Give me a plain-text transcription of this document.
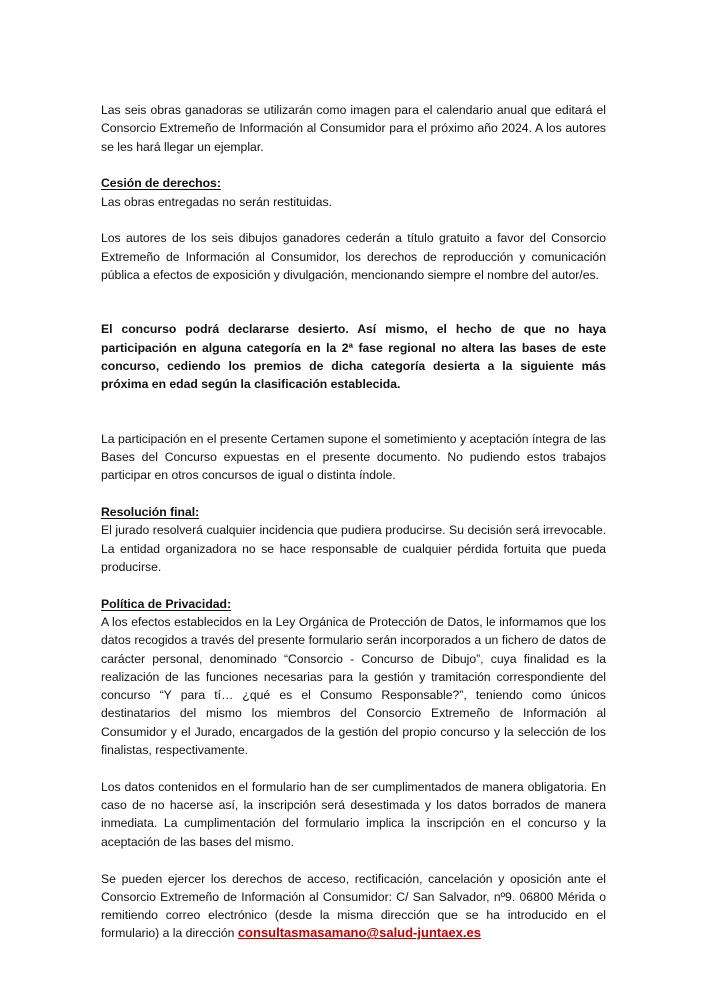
Las seis obras ganadoras se utilizarán como imagen para el calendario anual que editará el Consorcio Extremeño de Información al Consumidor para el próximo año 2024. A los autores se les hará llegar un ejemplar.

Cesión de derechos:

Las obras entregadas no serán restituidas.

Los autores de los seis dibujos ganadores cederán a título gratuito a favor del Consorcio Extremeño de Información al Consumidor, los derechos de reproducción y comunicación pública a efectos de exposición y divulgación, mencionando siempre el nombre del autor/es.

El concurso podrá declararse desierto. Así mismo, el hecho de que no haya participación en alguna categoría en la 2ª fase regional no altera las bases de este concurso, cediendo los premios de dicha categoría desierta a la siguiente más próxima en edad según la clasificación establecida.

La participación en el presente Certamen supone el sometimiento y aceptación íntegra de las Bases del Concurso expuestas en el presente documento. No pudiendo estos trabajos participar en otros concursos de igual o distinta índole.

Resolución final:

El jurado resolverá cualquier incidencia que pudiera producirse. Su decisión será irrevocable. La entidad organizadora no se hace responsable de cualquier pérdida fortuita que pueda producirse.

Política de Privacidad:

A los efectos establecidos en la Ley Orgánica de Protección de Datos, le informamos que los datos recogidos a través del presente formulario serán incorporados a un fichero de datos de carácter personal, denominado “Consorcio - Concurso de Dibujo”, cuya finalidad es la realización de las funciones necesarias para la gestión y tramitación correspondiente del concurso “Y para tí… ¿qué es el Consumo Responsable?”, teniendo como únicos destinatarios del mismo los miembros del Consorcio Extremeño de Información al Consumidor y el Jurado, encargados de la gestión del propio concurso y la selección de los finalistas, respectivamente.

Los datos contenidos en el formulario han de ser cumplimentados de manera obligatoria. En caso de no hacerse así, la inscripción será desestimada y los datos borrados de manera inmediata. La cumplimentación del formulario implica la inscripción en el concurso y la aceptación de las bases del mismo.

Se pueden ejercer los derechos de acceso, rectificación, cancelación y oposición ante el Consorcio Extremeño de Información al Consumidor: C/ San Salvador, nº9. 06800 Mérida o remitiendo correo electrónico (desde la misma dirección que se ha introducido en el formulario) a la dirección consultasmasamano@salud-juntaex.es
